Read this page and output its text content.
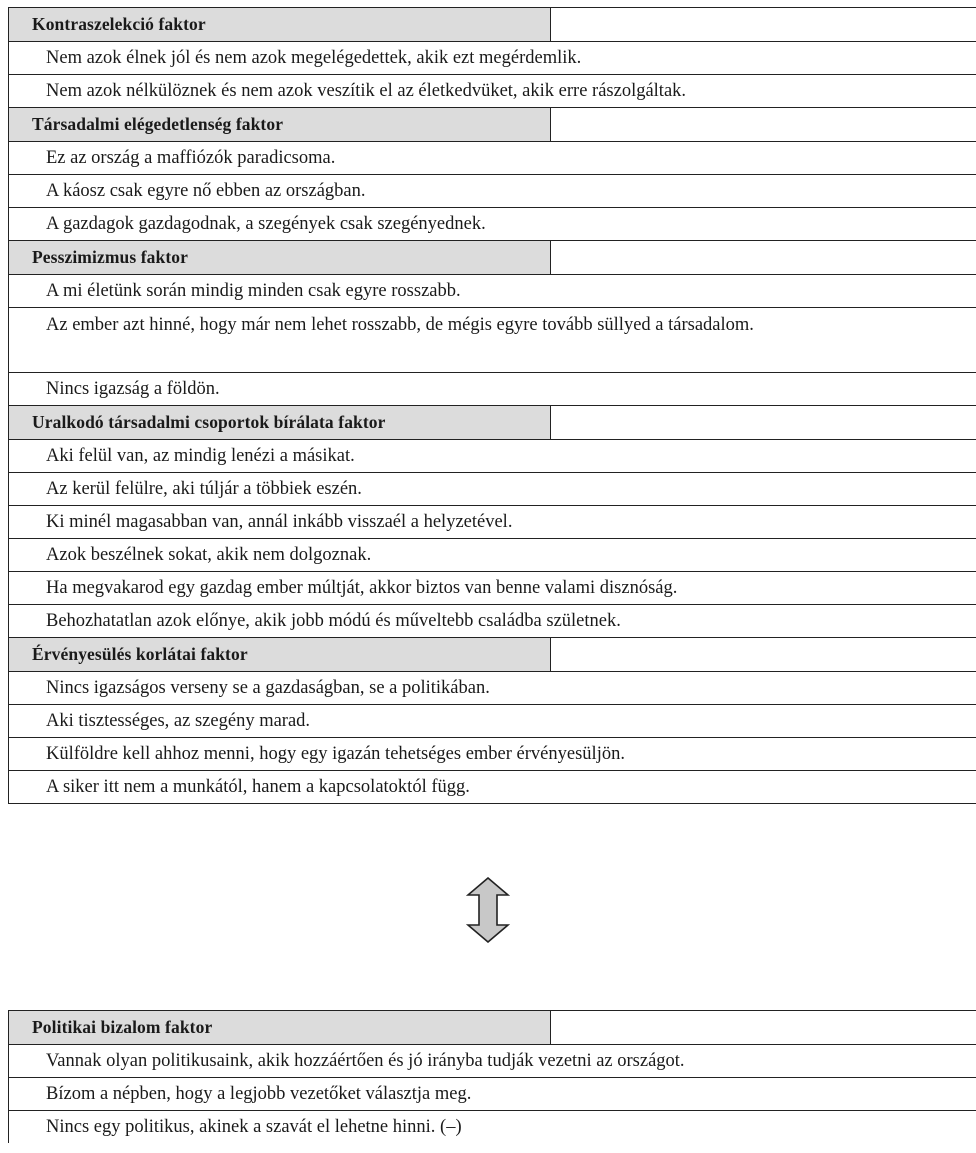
Kontraszelekció faktor
Nem azok élnek jól és nem azok megelégedettek, akik ezt megérdemlik.
Nem azok nélkülöznek és nem azok veszítik el az életkedvüket, akik erre rászolgáltak.
Társadalmi elégedetlenség faktor
Ez az ország a maffiózók paradicsoma.
A káosz csak egyre nő ebben az országban.
A gazdagok gazdagodnak, a szegények csak szegényednek.
Pesszimizmus faktor
A mi életünk során mindig minden csak egyre rosszabb.
Az ember azt hinné, hogy már nem lehet rosszabb, de mégis egyre tovább süllyed a társadalom.
Nincs igazság a földön.
Uralkodó társadalmi csoportok bírálata faktor
Aki felül van, az mindig lenézi a másikat.
Az kerül felülre, aki túljár a többiek eszén.
Ki minél magasabban van, annál inkább visszaél a helyzetével.
Azok beszélnek sokat, akik nem dolgoznak.
Ha megvakarod egy gazdag ember múltját, akkor biztos van benne valami disznóság.
Behozhatatlan azok előnye, akik jobb módú és műveltebb családba születnek.
Érvényesülés korlátai faktor
Nincs igazságos verseny se a gazdaságban, se a politikában.
Aki tisztességes, az szegény marad.
Külföldre kell ahhoz menni, hogy egy igazán tehetséges ember érvényesüljön.
A siker itt nem a munkától, hanem a kapcsolatoktól függ.
Politikai bizalom faktor
Vannak olyan politikusaink, akik hozzáértően és jó irányba tudják vezetni az országot.
Bízom a népben, hogy a legjobb vezetőket választja meg.
Nincs egy politikus, akinek a szavát el lehetne hinni. (–)
